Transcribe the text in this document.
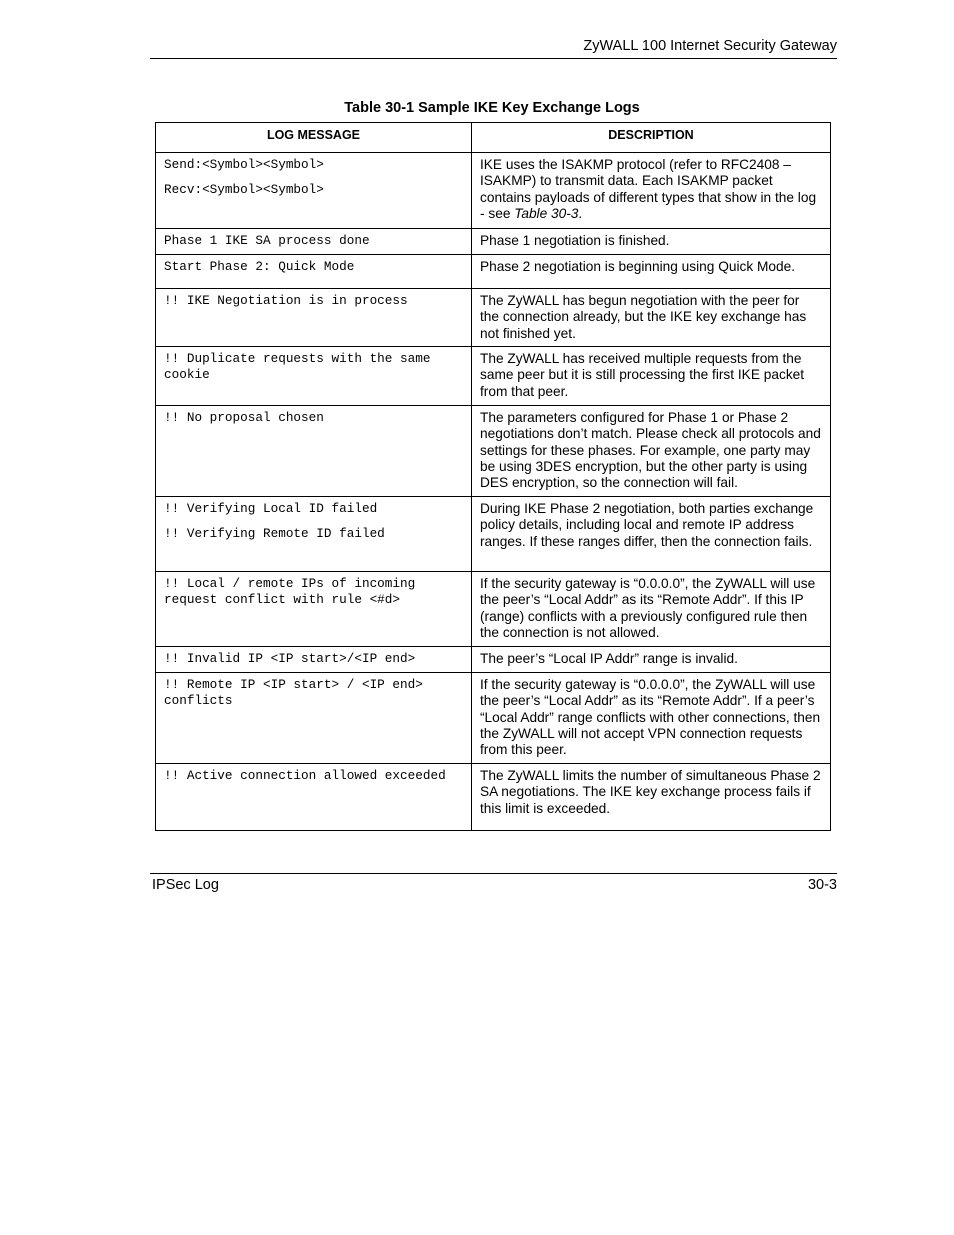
ZyWALL 100 Internet Security Gateway
Table 30-1 Sample IKE Key Exchange Logs
LOG MESSAGE	DESCRIPTION

Send:<Symbol><Symbol>
Recv:<Symbol><Symbol>	IKE uses the ISAKMP protocol (refer to RFC2408 – ISAKMP) to transmit data. Each ISAKMP packet contains payloads of different types that show in the log - see Table 30-3.

Phase 1 IKE SA process done	Phase 1 negotiation is finished.

Start Phase 2: Quick Mode	Phase 2 negotiation is beginning using Quick Mode.

!! IKE Negotiation is in process	The ZyWALL has begun negotiation with the peer for the connection already, but the IKE key exchange has not finished yet.

!! Duplicate requests with the same cookie	The ZyWALL has received multiple requests from the same peer but it is still processing the first IKE packet from that peer.

!! No proposal chosen	The parameters configured for Phase 1 or Phase 2 negotiations don’t match. Please check all protocols and settings for these phases. For example, one party may be using 3DES encryption, but the other party is using DES encryption, so the connection will fail.

!! Verifying Local ID failed
!! Verifying Remote ID failed	During IKE Phase 2 negotiation, both parties exchange policy details, including local and remote IP address ranges. If these ranges differ, then the connection fails.

!! Local / remote IPs of incoming request conflict with rule <#d>	If the security gateway is “0.0.0.0”, the ZyWALL will use the peer’s “Local Addr” as its “Remote Addr”. If this IP (range) conflicts with a previously configured rule then the connection is not allowed.

!! Invalid IP <IP start>/<IP end>	The peer’s “Local IP Addr” range is invalid.

!! Remote IP <IP start> / <IP end> conflicts	If the security gateway is “0.0.0.0”, the ZyWALL will use the peer’s “Local Addr” as its “Remote Addr”. If a peer’s “Local Addr” range conflicts with other connections, then the ZyWALL will not accept VPN connection requests from this peer.

!! Active connection allowed exceeded	The ZyWALL limits the number of simultaneous Phase 2 SA negotiations. The IKE key exchange process fails if this limit is exceeded.
IPSec Log	30-3
